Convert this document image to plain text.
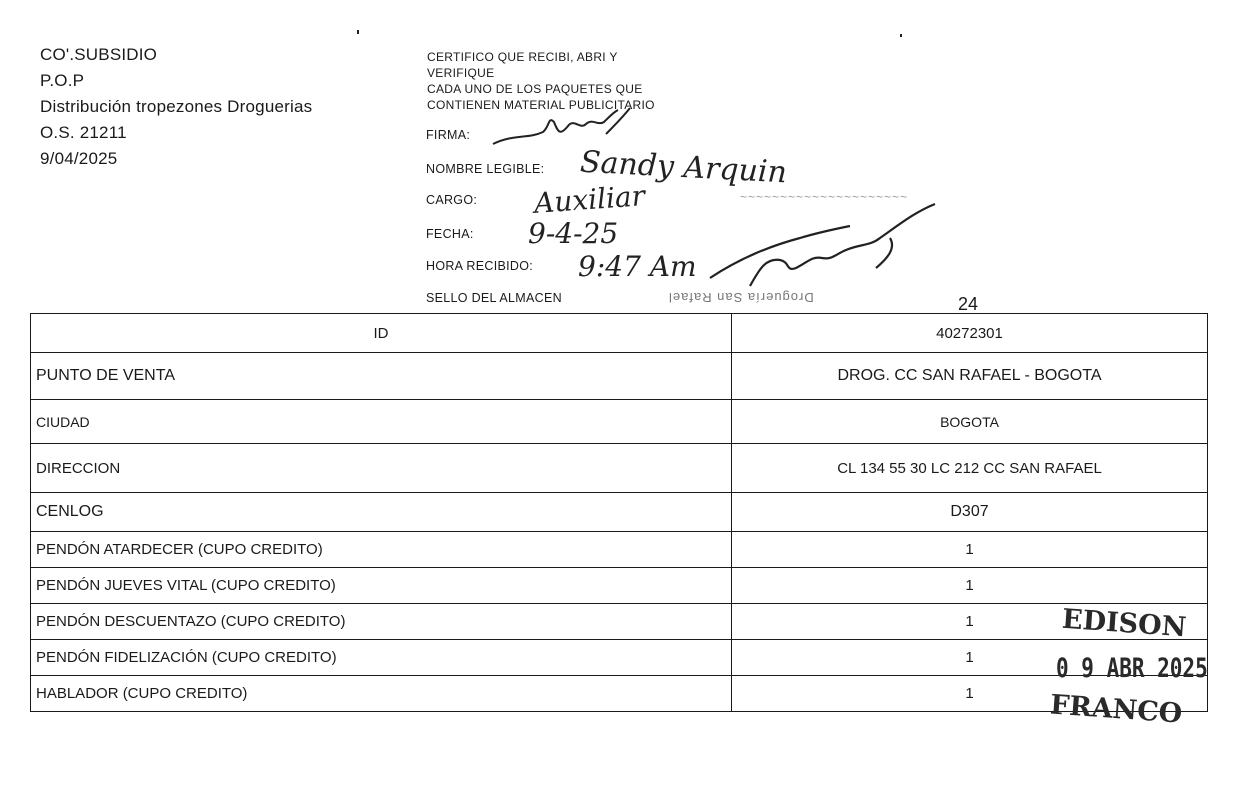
CO'.SUBSIDIO
P.O.P
Distribución tropezones Droguerias
O.S. 21211
9/04/2025
CERTIFICO QUE RECIBI, ABRI Y
VERIFIQUE
CADA UNO DE LOS PAQUETES QUE
CONTIENEN MATERIAL PUBLICITARIO
FIRMA:
NOMBRE LEGIBLE:
CARGO:
FECHA:
HORA RECIBIDO:
SELLO DEL ALMACEN
Sandy Arquin
Auxiliar
9-4-25
9:47 Am
~~~~~~~~~~~~~~~~~~~~~
Droguería San Rafael	24
ID	40272301
PUNTO DE VENTA	DROG. CC SAN RAFAEL - BOGOTA
CIUDAD	BOGOTA
DIRECCION	CL 134 55 30 LC 212 CC SAN RAFAEL
CENLOG	D307
PENDÓN ATARDECER (CUPO CREDITO)	1
PENDÓN JUEVES VITAL (CUPO CREDITO)	1
PENDÓN DESCUENTAZO (CUPO CREDITO)	1
PENDÓN FIDELIZACIÓN (CUPO CREDITO)	1
HABLADOR (CUPO CREDITO)	1
EDISON
0 9 ABR 2025
FRANCO
